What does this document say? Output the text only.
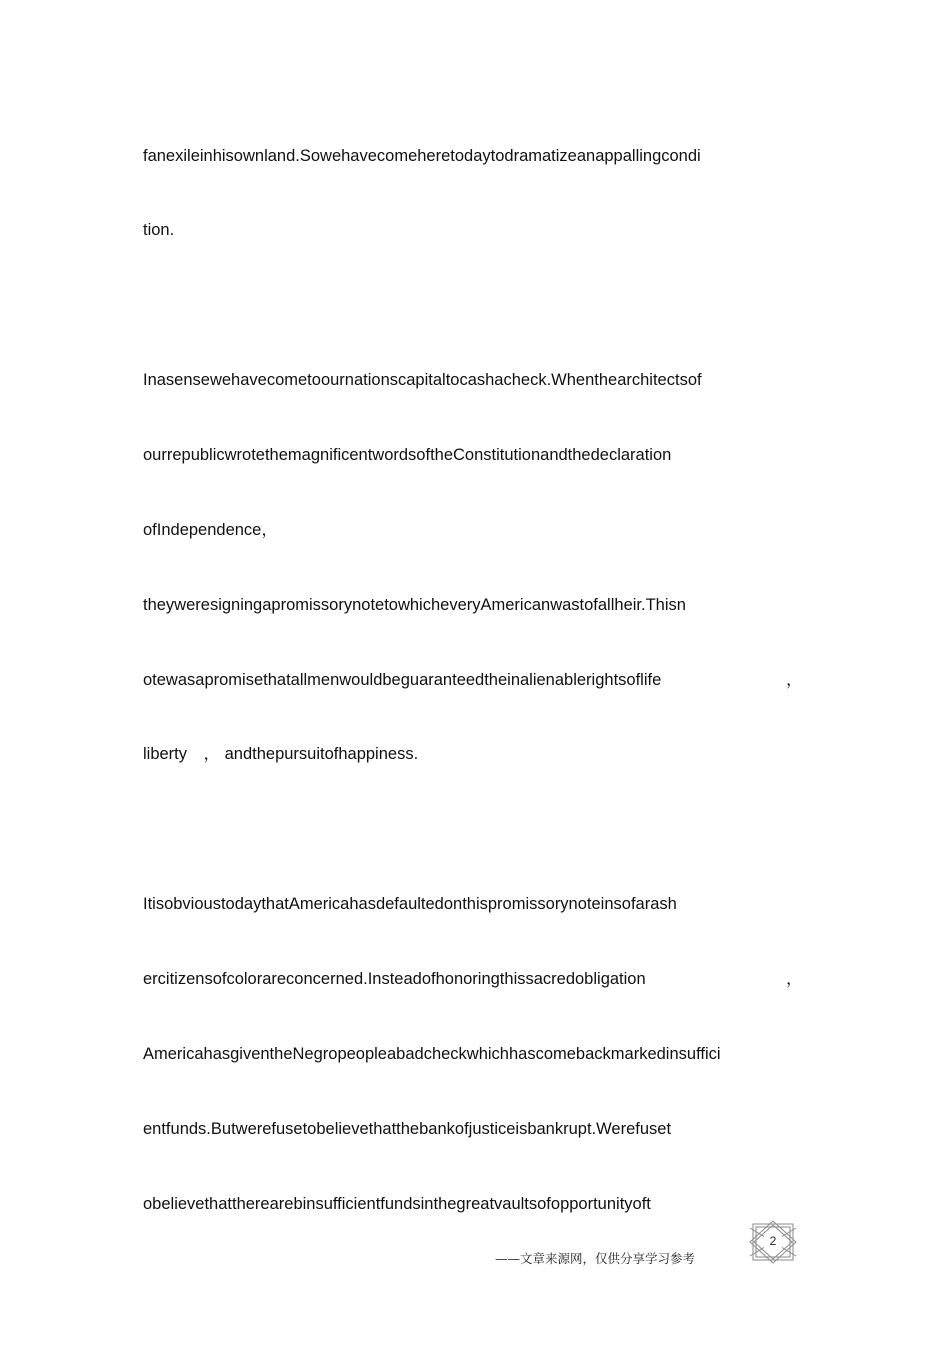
fanexileinhisownland.Sowehavecomeheretodaytodramatizeanappallingcondi
tion.
Inasensewehavecometoournationscapitaltocashacheck.Whenthearchitectsof
ourrepublicwrotethemagnificentwordsoftheConstitutionandthedeclaration
ofIndependence，
theyweresigningapromissorynotetowhicheveryAmericanwastofallheir.Thisn
otewasapromisethatallmenwouldbeguaranteedtheinalienablerightsoflife	，
liberty　， andthepursuitofhappiness.
ItisobvioustodaythatAmericahasdefaultedonthispromissorynoteinsofarash
ercitizensofcolorareconcerned.Insteadofhonoringthissacredobligation	，
AmericahasgiventheNegropeopleabadcheckwhichhascomebackmarkedinsuffici
entfunds.Butwerefusetobelievethatthebankofjusticeisbankrupt.Werefuset
obelievethattherearebinsufficientfundsinthegreatvaultsofopportunityoft
2
——文章来源网，仅供分享学习参考
